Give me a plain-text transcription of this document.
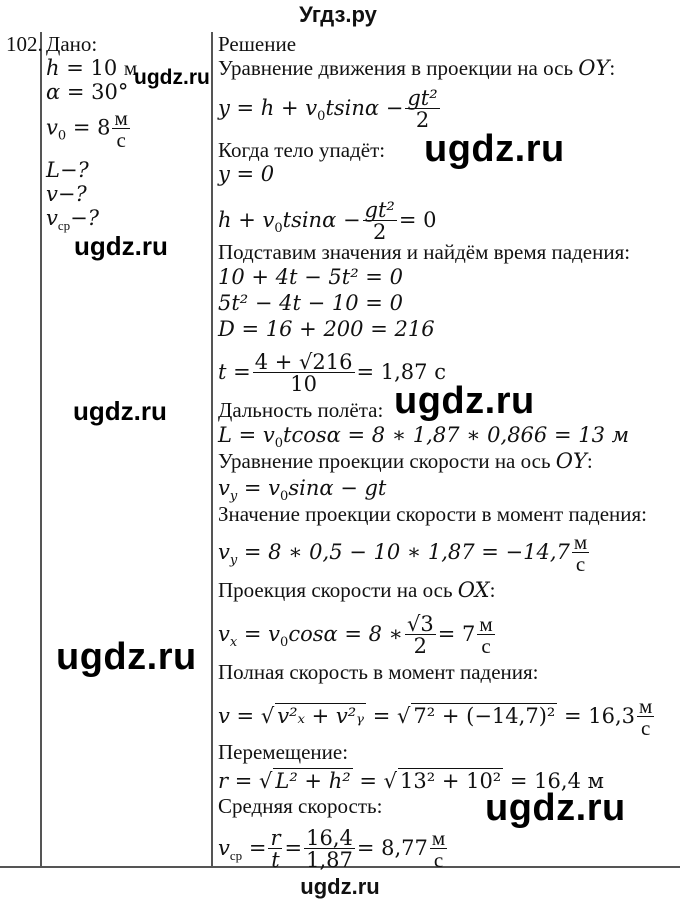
Угдз.ру
102. Дано:
h = 10 м
α = 30°
$v_0 = 8 \frac{м}{с}$
L−?
v−?
$v_{ср}-$?
Решение
Уравнение движения в проекции на ось OY:
$y = h + v_0tsin\alpha - \frac{\text{gt²}}{2}$
Когда тело упадёт:
y = 0
$h + v_0tsin\alpha - \frac{\text{gt²}}{2} = 0$
Подставим значения и найдём время падения:
10 + 4t − 5t² = 0
5t² − 4t − 10 = 0
D = 16 + 200 = 216
$t = \frac{4 + √216}{10} = 1,87$ с
Дальность полёта:
$L = v_0tcos\alpha = 8$ ∗ 1,87 ∗ 0,866 = 13 м
Уравнение проекции скорости на ось OY:
$v_y = v_0\sin\alpha$ − gt
Значение проекции скорости в момент падения:
$v_y = 8$ ∗ 0,5 − 10 ∗ $1,87 = -14,7 \frac{м}{с}$
Проекция скорости на ось OX:
$v_x = v_0\cos\alpha = 8$ ∗ $\frac{√3}{2} = 7 \frac{м}{с}$
Полная скорость в момент падения:
v = √ v²ₓ + v²ᵧ = √ $7^2 + (-14,7)^2 = 16,3 \frac{м}{с}$
Перемещение:
r = √ L² + h² = √ 13² + 10² = 16,4 м
Средняя скорость:
$v_{ср} = \frac{r}{t} = \frac{16,4}{1,87} = 8,77 \frac{м}{с}$
ugdz.ru
ugdz.ru
ugdz.ru
ugdz.ru	ugdz.ru
ugdz.ru
ugdz.ru
ugdz.ru
